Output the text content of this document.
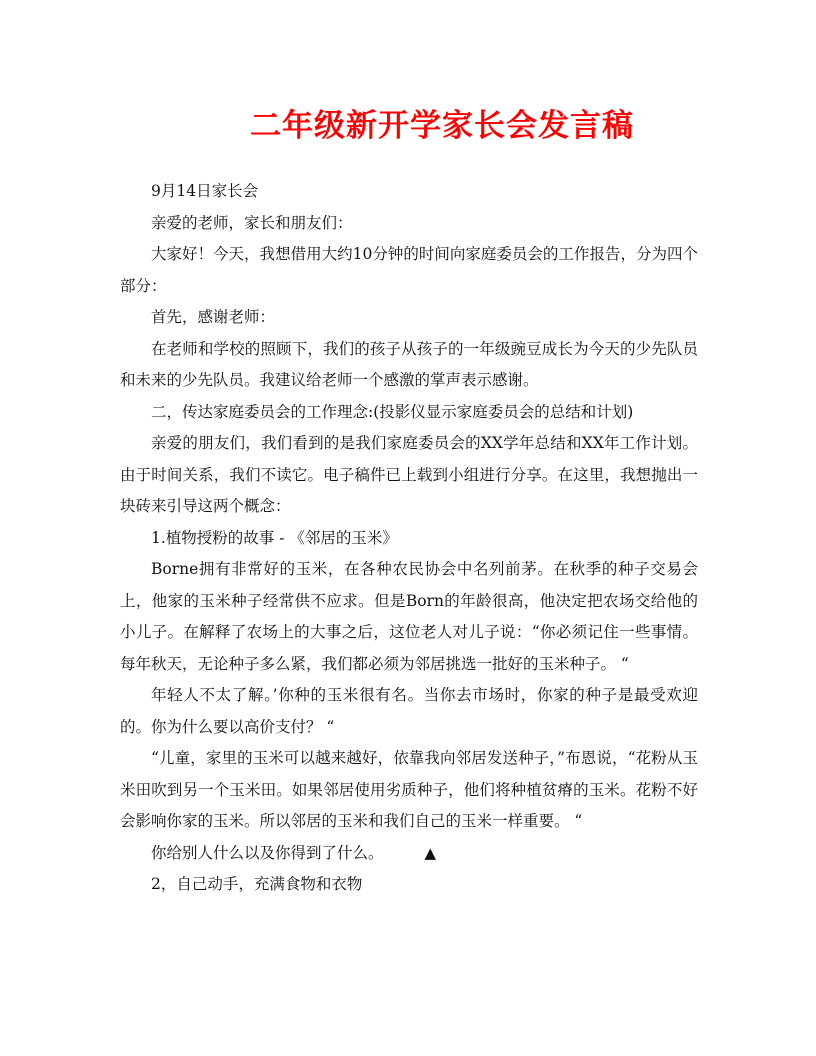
二年级新开学家长会发言稿

9月14日家长会

亲爱的老师，家长和朋友们：

大家好！今天，我想借用大约10分钟的时间向家庭委员会的工作报告，分为四个部分：

首先，感谢老师：

在老师和学校的照顾下，我们的孩子从孩子的一年级豌豆成长为今天的少先队员和未来的少先队员。我建议给老师一个感激的掌声表示感谢。

二，传达家庭委员会的工作理念:(投影仪显示家庭委员会的总结和计划)

亲爱的朋友们，我们看到的是我们家庭委员会的XX学年总结和XX年工作计划。由于时间关系，我们不读它。电子稿件已上载到小组进行分享。在这里，我想抛出一块砖来引导这两个概念：

1.植物授粉的故事 - 《邻居的玉米》

Borne拥有非常好的玉米，在各种农民协会中名列前茅。在秋季的种子交易会上，他家的玉米种子经常供不应求。但是Born的年龄很高，他决定把农场交给他的小儿子。在解释了农场上的大事之后，这位老人对儿子说：“你必须记住一些事情。每年秋天，无论种子多么紧，我们都必须为邻居挑选一批好的玉米种子。 “

年轻人不太了解。’你种的玉米很有名。当你去市场时，你家的种子是最受欢迎的。你为什么要以高价支付？ “

“儿童，家里的玉米可以越来越好，依靠我向邻居发送种子，”布恩说，“花粉从玉米田吹到另一个玉米田。如果邻居使用劣质种子，他们将种植贫瘠的玉米。花粉不好会影响你家的玉米。所以邻居的玉米和我们自己的玉米一样重要。 “

你给别人什么以及你得到了什么。	▲

2，自己动手，充满食物和衣物
